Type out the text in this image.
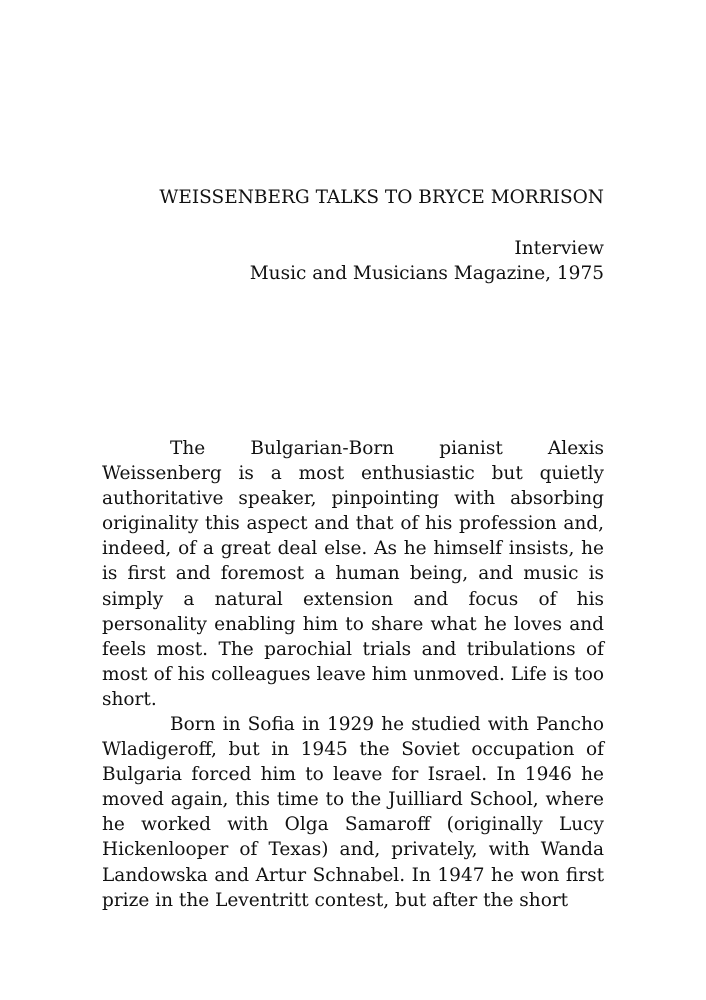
WEISSENBERG TALKS TO BRYCE MORRISON
Interview
Music and Musicians Magazine, 1975

The Bulgarian-Born pianist Alexis Weissenberg is a most enthusiastic but quietly authoritative speaker, pinpointing with absorbing originality this aspect and that of his profession and, indeed, of a great deal else. As he himself insists, he is first and foremost a human being, and music is simply a natural extension and focus of his personality enabling him to share what he loves and feels most. The parochial trials and tribulations of most of his colleagues leave him unmoved. Life is too short.

Born in Sofia in 1929 he studied with Pancho Wladigeroff, but in 1945 the Soviet occupation of Bulgaria forced him to leave for Israel. In 1946 he moved again, this time to the Juilliard School, where he worked with Olga Samaroff (originally Lucy Hickenlooper of Texas) and, privately, with Wanda Landowska and Artur Schnabel. In 1947 he won first prize in the Leventritt contest, but after the short
